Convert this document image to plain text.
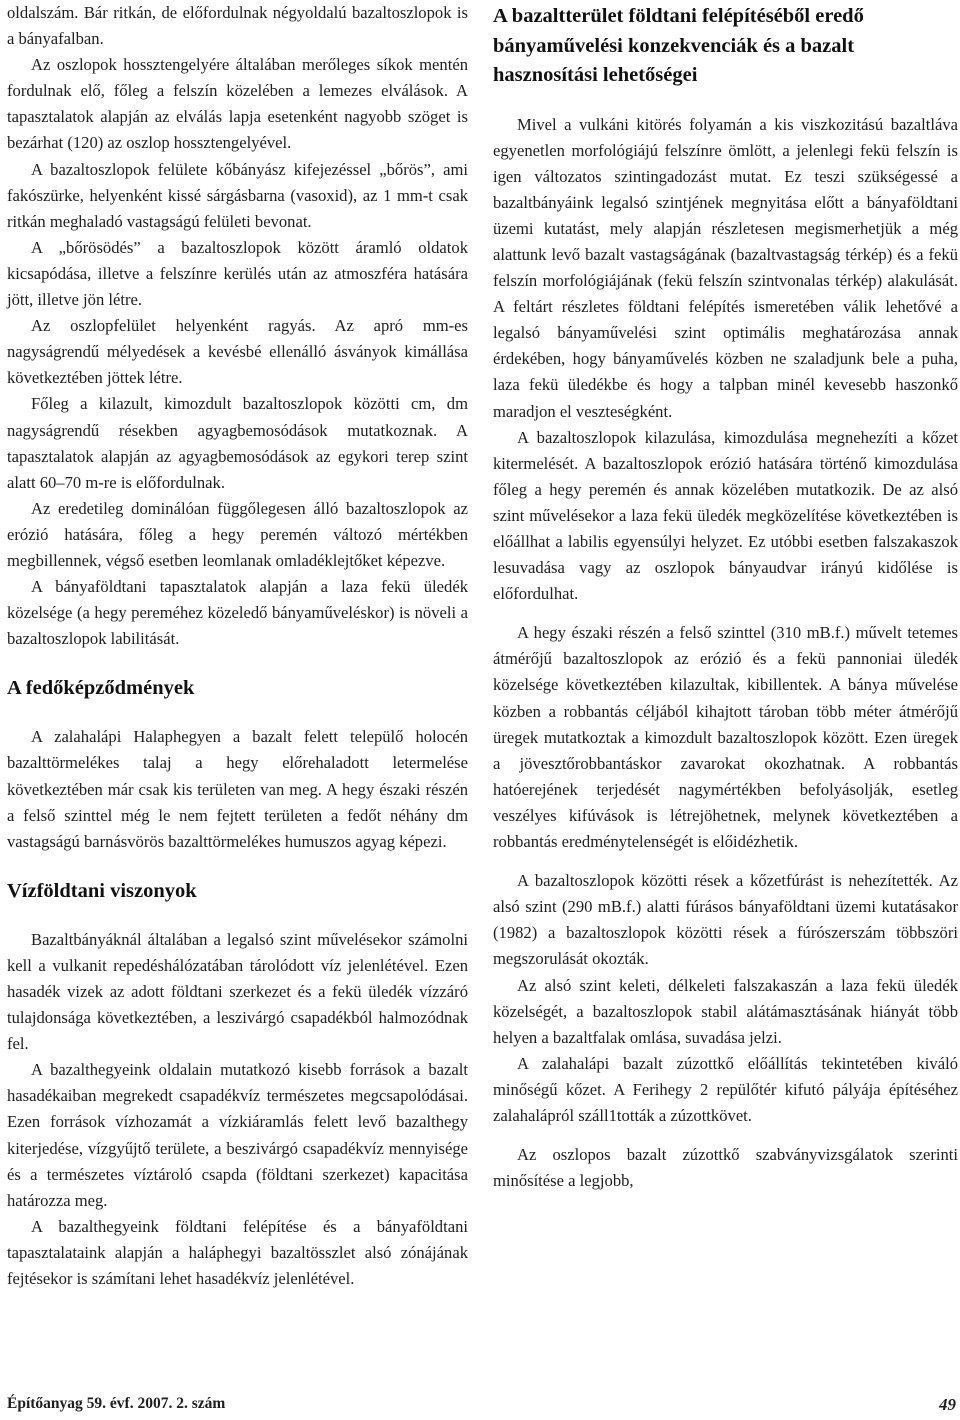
oldalszám. Bár ritkán, de előfordulnak négyoldalú bazaltoszlopok is a bányafalban.

Az oszlopok hossztengelyére általában merőleges síkok mentén fordulnak elő, főleg a felszín közelében a lemezes elválások. A tapasztalatok alapján az elválás lapja esetenként nagyobb szöget is bezárhat (120) az oszlop hossztengelyével.

A bazaltoszlopok felülete kőbányász kifejezéssel „bőrös”, ami fakószürke, helyenként kissé sárgásbarna (vasoxid), az 1 mm-t csak ritkán meghaladó vastagságú felületi bevonat.

A „bőrösödés” a bazaltoszlopok között áramló oldatok kicsapódása, illetve a felszínre kerülés után az atmoszféra hatására jött, illetve jön létre.

Az oszlopfelület helyenként ragyás. Az apró mm-es nagyságrendű mélyedések a kevésbé ellenálló ásványok kimállása következtében jöttek létre.

Főleg a kilazult, kimozdult bazaltoszlopok közötti cm, dm nagyságrendű résekben agyagbemosódások mutatkoznak. A tapasztalatok alapján az agyagbemosódások az egykori terep szint alatt 60–70 m-re is előfordulnak.

Az eredetileg dominálóan függőlegesen álló bazaltoszlopok az erózió hatására, főleg a hegy peremén változó mértékben megbillennek, végső esetben leomlanak omladéklejtőket képezve.

A bányaföldtani tapasztalatok alapján a laza fekü üledék közelsége (a hegy pereméhez közeledő bányaműveléskor) is növeli a bazaltoszlopok labilitását.

A fedőképződmények

A zalahalápi Halaphegyen a bazalt felett települő holocén bazalttörmelékes talaj a hegy előrehaladott letermelése következtében már csak kis területen van meg. A hegy északi részén a felső szinttel még le nem fejtett területen a fedőt néhány dm vastagságú barnásvörös bazalttörmelékes humuszos agyag képezi.

Vízföldtani viszonyok

Bazaltbányáknál általában a legalsó szint művelésekor számolni kell a vulkanit repedéshálózatában tárolódott víz jelenlétével. Ezen hasadék vizek az adott földtani szerkezet és a fekü üledék vízzáró tulajdonsága következtében, a leszivárgó csapadékból halmozódnak fel.

A bazalthegyeink oldalain mutatkozó kisebb források a bazalt hasadékaiban megrekedt csapadékvíz természetes megcsapolódásai. Ezen források vízhozamát a vízkiáramlás felett levő bazalthegy kiterjedése, vízgyűjtő területe, a beszivárgó csapadékvíz mennyisége és a természetes víztároló csapda (földtani szerkezet) kapacitása határozza meg.

A bazalthegyeink földtani felépítése és a bányaföldtani tapasztalataink alapján a haláphegyi bazaltösszlet alsó zónájának fejtésekor is számítani lehet hasadékvíz jelenlétével.

A bazaltterület földtani felépítéséből eredő bányaművelési konzekvenciák és a bazalt hasznosítási lehetőségei

Mivel a vulkáni kitörés folyamán a kis viszkozitású bazaltláva egyenetlen morfológiájú felszínre ömlött, a jelenlegi fekü felszín is igen változatos szintingadozást mutat. Ez teszi szükségessé a bazaltbányáink legalsó szintjének megnyitása előtt a bányaföldtani üzemi kutatást, mely alapján részletesen megismerhetjük a még alattunk levő bazalt vastagságának (bazaltvastagság térkép) és a fekü felszín morfológiájának (fekü felszín szintvonalas térkép) alakulását. A feltárt részletes földtani felépítés ismeretében válik lehetővé a legalsó bányaművelési szint optimális meghatározása annak érdekében, hogy bányaművelés közben ne szaladjunk bele a puha, laza fekü üledékbe és hogy a talpban minél kevesebb haszonkő maradjon el veszteségként.

A bazaltoszlopok kilazulása, kimozdulása megnehezíti a kőzet kitermelését. A bazaltoszlopok erózió hatására történő kimozdulása főleg a hegy peremén és annak közelében mutatkozik. De az alsó szint művelésekor a laza fekü üledék megközelítése következtében is előállhat a labilis egyensúlyi helyzet. Ez utóbbi esetben falszakaszok lesuvadása vagy az oszlopok bányaudvar irányú kidőlése is előfordulhat.

A hegy északi részén a felső szinttel (310 mB.f.) művelt tetemes átmérőjű bazaltoszlopok az erózió és a fekü pannoniai üledék közelsége következtében kilazultak, kibillentek. A bánya művelése közben a robbantás céljából kihajtott tároban több méter átmérőjű üregek mutatkoztak a kimozdult bazaltoszlopok között. Ezen üregek a jövesztőrobbantáskor zavarokat okozhatnak. A robbantás hatóerejének terjedését nagymértékben befolyásolják, esetleg veszélyes kifúvások is létrejöhetnek, melynek következtében a robbantás eredménytelenségét is előidézhetik.

A bazaltoszlopok közötti rések a kőzetfúrást is nehezítették. Az alsó szint (290 mB.f.) alatti fúrásos bányaföldtani üzemi kutatásakor (1982) a bazaltoszlopok közötti rések a fúrószerszám többszöri megszorulását okozták.

Az alsó szint keleti, délkeleti falszakaszán a laza fekü üledék közelségét, a bazaltoszlopok stabil alátámasztásának hiányát több helyen a bazaltfalak omlása, suvadása jelzi.

A zalahalápi bazalt zúzottkő előállítás tekintetében kiváló minőségű kőzet. A Ferihegy 2 repülőtér kifutó pályája építéséhez zalahalápról száll1tották a zúzottkövet.

Az oszlopos bazalt zúzottkő szabványvizsgálatok szerinti minősítése a legjobb,

Építőanyag 59. évf. 2007. 2. szám	49
